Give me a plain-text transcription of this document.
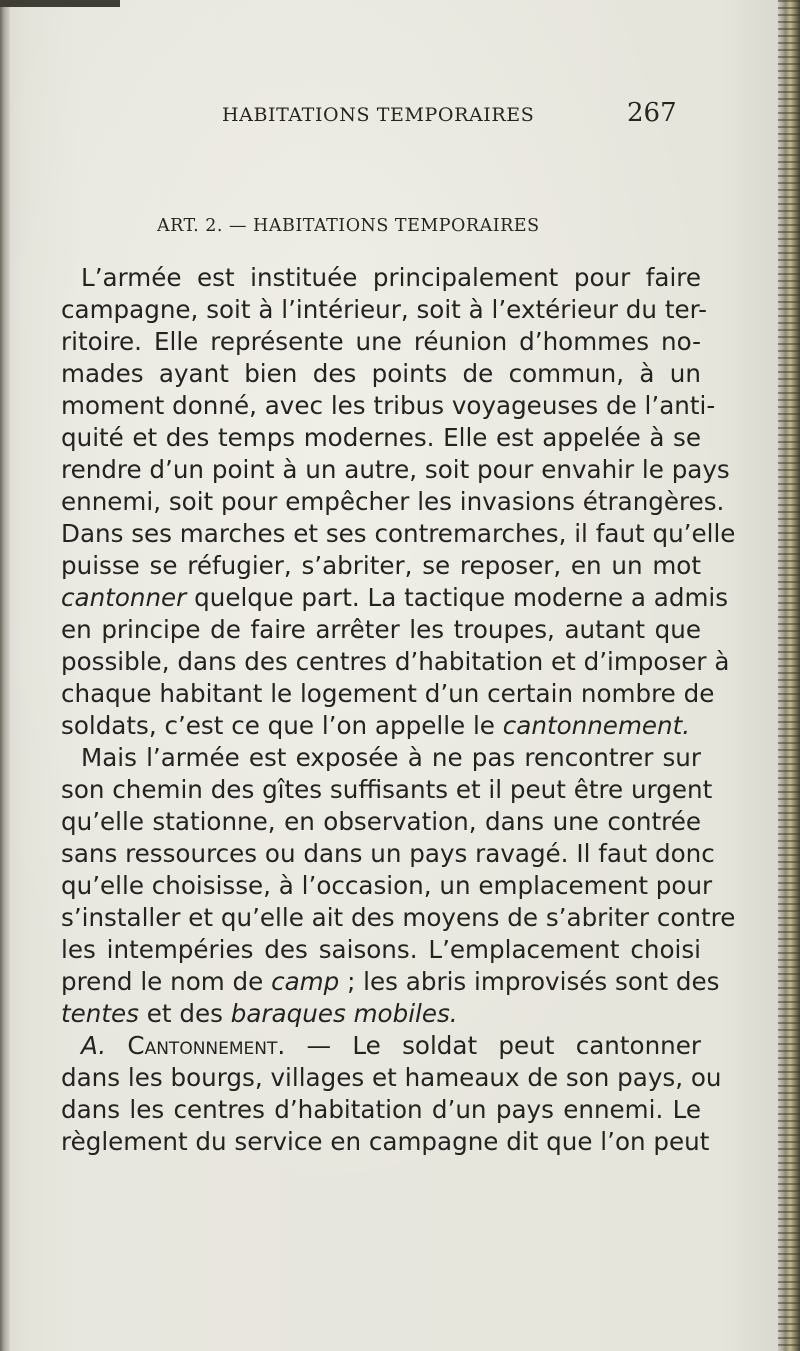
HABITATIONS TEMPORAIRES	267
ART. 2. — HABITATIONS TEMPORAIRES
L’armée est instituée principalement pour faire
campagne, soit à l’intérieur, soit à l’extérieur du ter-
ritoire. Elle représente une réunion d’hommes no-
mades ayant bien des points de commun, à un
moment donné, avec les tribus voyageuses de l’anti-
quité et des temps modernes. Elle est appelée à se
rendre d’un point à un autre, soit pour envahir le pays
ennemi, soit pour empêcher les invasions étrangères.
Dans ses marches et ses contremarches, il faut qu’elle
puisse se réfugier, s’abriter, se reposer, en un mot
cantonner quelque part. La tactique moderne a admis
en principe de faire arrêter les troupes, autant que
possible, dans des centres d’habitation et d’imposer à
chaque habitant le logement d’un certain nombre de
soldats, c’est ce que l’on appelle le cantonnement.
Mais l’armée est exposée à ne pas rencontrer sur
son chemin des gîtes suffisants et il peut être urgent
qu’elle stationne, en observation, dans une contrée
sans ressources ou dans un pays ravagé. Il faut donc
qu’elle choisisse, à l’occasion, un emplacement pour
s’installer et qu’elle ait des moyens de s’abriter contre
les intempéries des saisons. L’emplacement choisi
prend le nom de camp ; les abris improvisés sont des
tentes et des baraques mobiles.
A. Cantonnement. — Le soldat peut cantonner
dans les bourgs, villages et hameaux de son pays, ou
dans les centres d’habitation d’un pays ennemi. Le
règlement du service en campagne dit que l’on peut
